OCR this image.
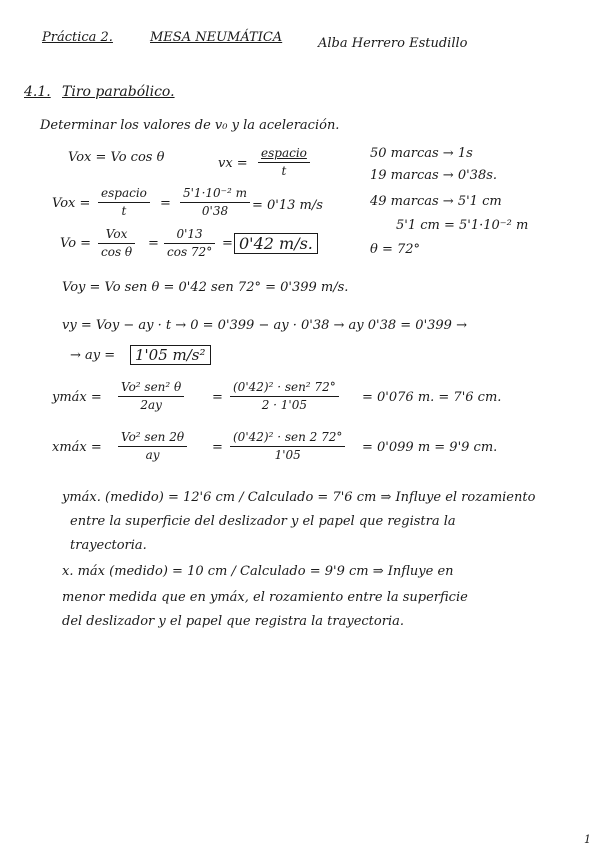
Práctica 2.	MESA NEUMÁTICA	Alba Herrero Estudillo
4.1. Tiro parabólico.
Determinar los valores de v₀ y la aceleración.
50 marcas → 1s
19 marcas → 0'38s.
49 marcas → 5'1 cm
5'1 cm = 5'1·10⁻² m
θ = 72°
Vox = Vo cos θ	vx =
espacio
t
Vox =
espacio
t	= $\frac{\text{5'1·10⁻² m}}{0'38} = 0'13$ m/s
Vo =
Vox
cos θ
= $\frac{0'13}{\cos 72^\circ} = 0'42$ m/s.
Voy = Vo sen θ = 0'42 sen 72° = 0'399 m/s.
vy = Voy − ay · t → 0 = 0'399 − ay · 0'38 → ay 0'38 = 0'399 →
→ ay =	1'05 m/s²
ymáx =
Vo² sen² θ
2ay	=
(0'42)² · sen² 72°
2 · 1'05	= 0'076 m. = 7'6 cm.
xmáx =
Vo² sen 2θ
ay	=
(0'42)² · sen 2 72°
1'05	= 0'099 m = 9'9 cm.
ymáx. (medido) = 12'6 cm / Calculado = 7'6 cm ⇒ Influye el rozamiento
entre la superficie del deslizador y el papel que registra la
trayectoria.
x. máx (medido) = 10 cm / Calculado = 9'9 cm ⇒ Influye en
menor medida que en ymáx, el rozamiento entre la superficie
del deslizador y el papel que registra la trayectoria.
1
